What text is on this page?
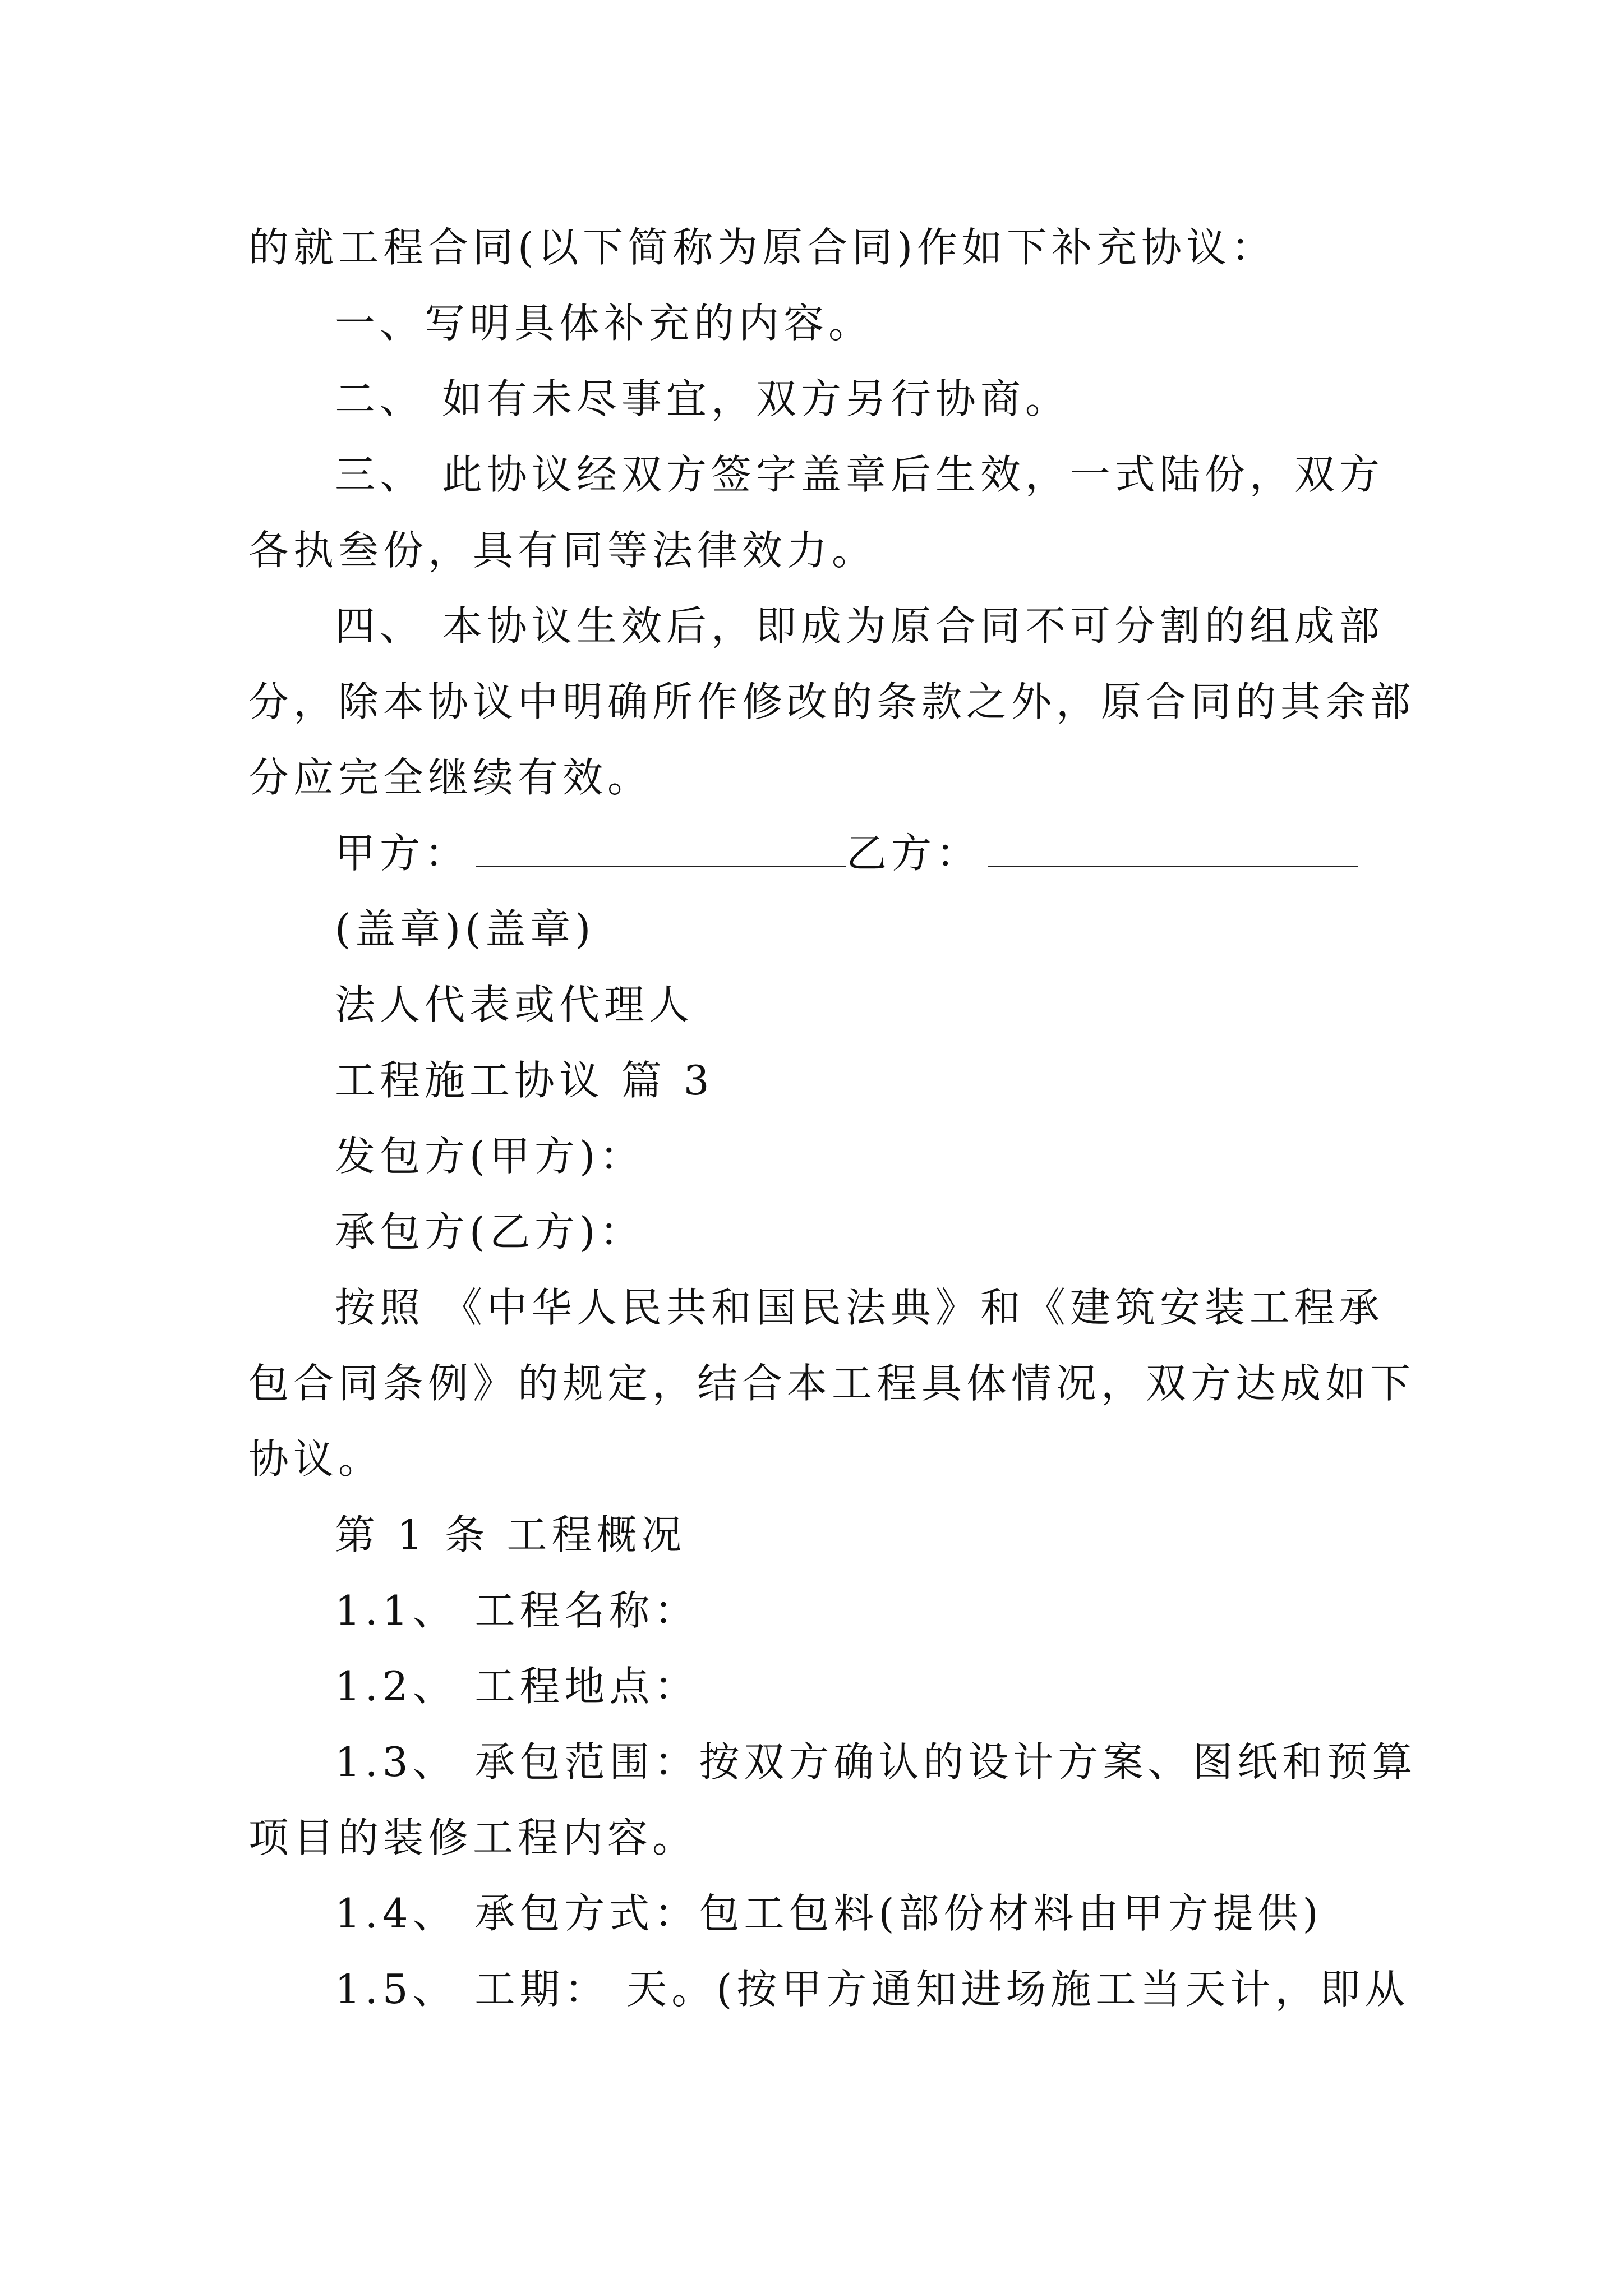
的就工程合同(以下简称为原合同)作如下补充协议：
一、写明具体补充的内容。
二、 如有未尽事宜，双方另行协商。
三、 此协议经双方签字盖章后生效，一式陆份，双方
各执叁份，具有同等法律效力。
四、 本协议生效后，即成为原合同不可分割的组成部
分，除本协议中明确所作修改的条款之外，原合同的其余部
分应完全继续有效。
甲方：	乙方：
(盖章)(盖章)
法人代表或代理人
工程施工协议 篇 3
发包方(甲方)：
承包方(乙方)：
按照 《中华人民共和国民法典》和《建筑安装工程承
包合同条例》的规定，结合本工程具体情况，双方达成如下
协议。
第 1 条 工程概况
1.1、 工程名称：
1.2、 工程地点：
1.3、 承包范围：按双方确认的设计方案、图纸和预算
项目的装修工程内容。
1.4、 承包方式：包工包料(部份材料由甲方提供)
1.5、 工期： 天。(按甲方通知进场施工当天计，即从
